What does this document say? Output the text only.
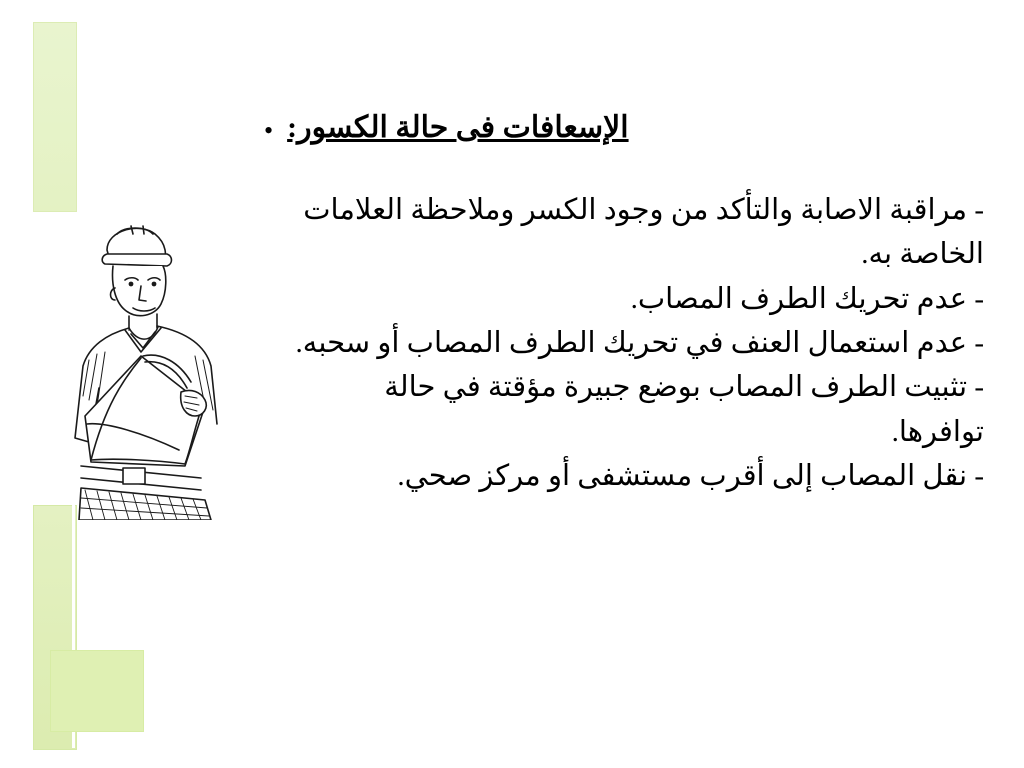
• الإسعافات فى حالة الكسور:
- مراقبة الاصابة والتأكد من وجود الكسر وملاحظة العلامات
الخاصة به.
- عدم تحريك الطرف المصاب.
- عدم استعمال العنف في تحريك الطرف المصاب أو سحبه.
- تثبيت الطرف المصاب بوضع جبيرة مؤقتة في حالة
توافرها.
- نقل المصاب إلى أقرب مستشفى أو مركز صحي.
